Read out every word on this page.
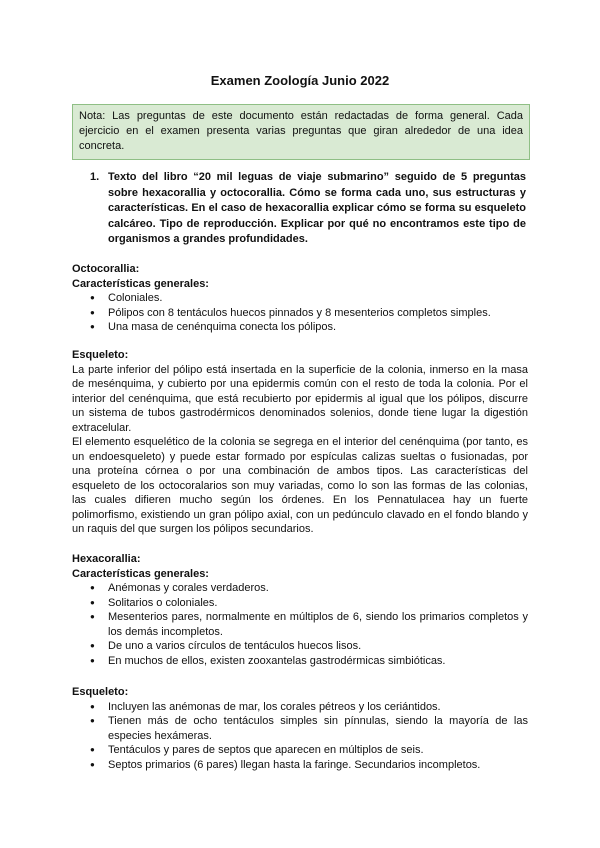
Examen Zoología Junio 2022
Nota: Las preguntas de este documento están redactadas de forma general. Cada ejercicio en el examen presenta varias preguntas que giran alrededor de una idea concreta.
1. Texto del libro “20 mil leguas de viaje submarino” seguido de 5 preguntas sobre hexacorallia y octocorallia. Cómo se forma cada uno, sus estructuras y características. En el caso de hexacorallia explicar cómo se forma su esqueleto calcáreo. Tipo de reproducción. Explicar por qué no encontramos este tipo de organismos a grandes profundidades.
Octocorallia:
Características generales:
● Coloniales.
● Pólipos con 8 tentáculos huecos pinnados y 8 mesenterios completos simples.
● Una masa de cenénquima conecta los pólipos.
Esqueleto:

La parte inferior del pólipo está insertada en la superficie de la colonia, inmerso en la masa de mesénquima, y cubierto por una epidermis común con el resto de toda la colonia. Por el interior del cenénquima, que está recubierto por epidermis al igual que los pólipos, discurre un sistema de tubos gastrodérmicos denominados solenios, donde tiene lugar la digestión extracelular.

El elemento esquelético de la colonia se segrega en el interior del cenénquima (por tanto, es un endoesqueleto) y puede estar formado por espículas calizas sueltas o fusionadas, por una proteína córnea o por una combinación de ambos tipos. Las características del esqueleto de los octocoralarios son muy variadas, como lo son las formas de las colonias, las cuales difieren mucho según los órdenes. En los Pennatulacea hay un fuerte polimorfismo, existiendo un gran pólipo axial, con un pedúnculo clavado en el fondo blando y un raquis del que surgen los pólipos secundarios.

Hexacorallia:
Características generales:
● Anémonas y corales verdaderos.
● Solitarios o coloniales.
● Mesenterios pares, normalmente en múltiplos de 6, siendo los primarios completos y los demás incompletos.
● De uno a varios círculos de tentáculos huecos lisos.
● En muchos de ellos, existen zooxantelas gastrodérmicas simbióticas.
Esqueleto:
● Incluyen las anémonas de mar, los corales pétreos y los ceriántidos.
● Tienen más de ocho tentáculos simples sin pínnulas, siendo la mayoría de las especies hexámeras.
● Tentáculos y pares de septos que aparecen en múltiplos de seis.
● Septos primarios (6 pares) llegan hasta la faringe. Secundarios incompletos.
